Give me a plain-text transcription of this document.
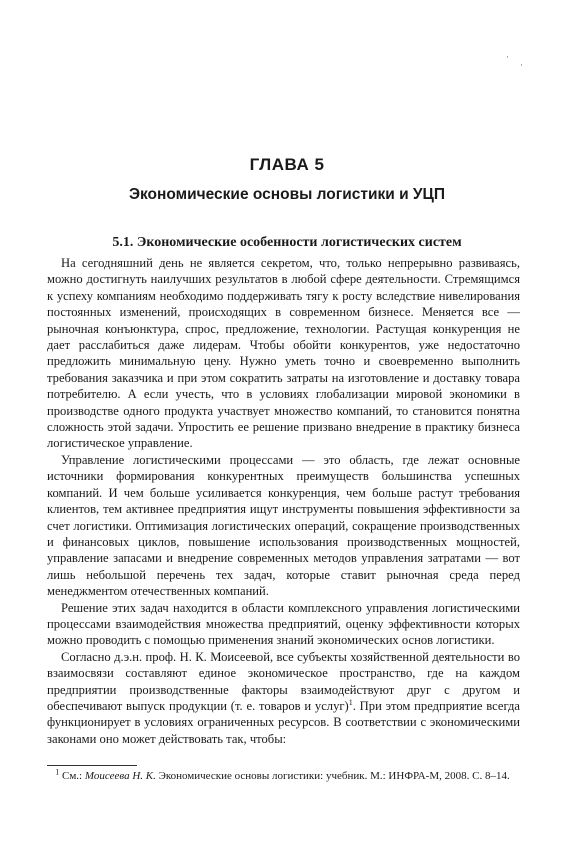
·
·
ГЛАВА 5
Экономические основы логистики и УЦП
5.1. Экономические особенности логистических систем

На сегодняшний день не является секретом, что, только непрерывно развиваясь, можно достигнуть наилучших результатов в любой сфере деятельности. Стремящимся к успеху компаниям необходимо поддерживать тягу к росту вследствие нивелирования постоянных изменений, происходящих в современном бизнесе. Меняется все — рыночная конъюнктура, спрос, предложение, технологии. Растущая конкуренция не дает расслабиться даже лидерам. Чтобы обойти конкурентов, уже недостаточно предложить минимальную цену. Нужно уметь точно и своевременно выполнить требования заказчика и при этом сократить затраты на изготовление и доставку товара потребителю. А если учесть, что в условиях глобализации мировой экономики в производстве одного продукта участвует множество компаний, то становится понятна сложность этой задачи. Упростить ее решение призвано внедрение в практику бизнеса логистическое управление.

Управление логистическими процессами — это область, где лежат основные источники формирования конкурентных преимуществ большинства успешных компаний. И чем больше усиливается конкуренция, чем больше растут требования клиентов, тем активнее предприятия ищут инструменты повышения эффективности за счет логистики. Оптимизация логистических операций, сокращение производственных и финансовых циклов, повышение использования производственных мощностей, управление запасами и внедрение современных методов управления затратами — вот лишь небольшой перечень тех задач, которые ставит рыночная среда перед менеджментом отечественных компаний.

Решение этих задач находится в области комплексного управления логистическими процессами взаимодействия множества предприятий, оценку эффективности которых можно проводить с помощью применения знаний экономических основ логистики.

Согласно д.э.н. проф. Н. К. Моисеевой, все субъекты хозяйственной деятельности во взаимосвязи составляют единое экономическое пространство, где на каждом предприятии производственные факторы взаимодействуют друг с другом и обеспечивают выпуск продукции (т. е. товаров и услуг)$^1$. При этом предприятие всегда функционирует в условиях ограниченных ресурсов. В соответствии с экономическими законами оно может действовать так, чтобы:

$^1$ См.: Моисеева Н. К. Экономические основы логистики: учебник. М.: ИНФРА-М, 2008. С. 8–14.
